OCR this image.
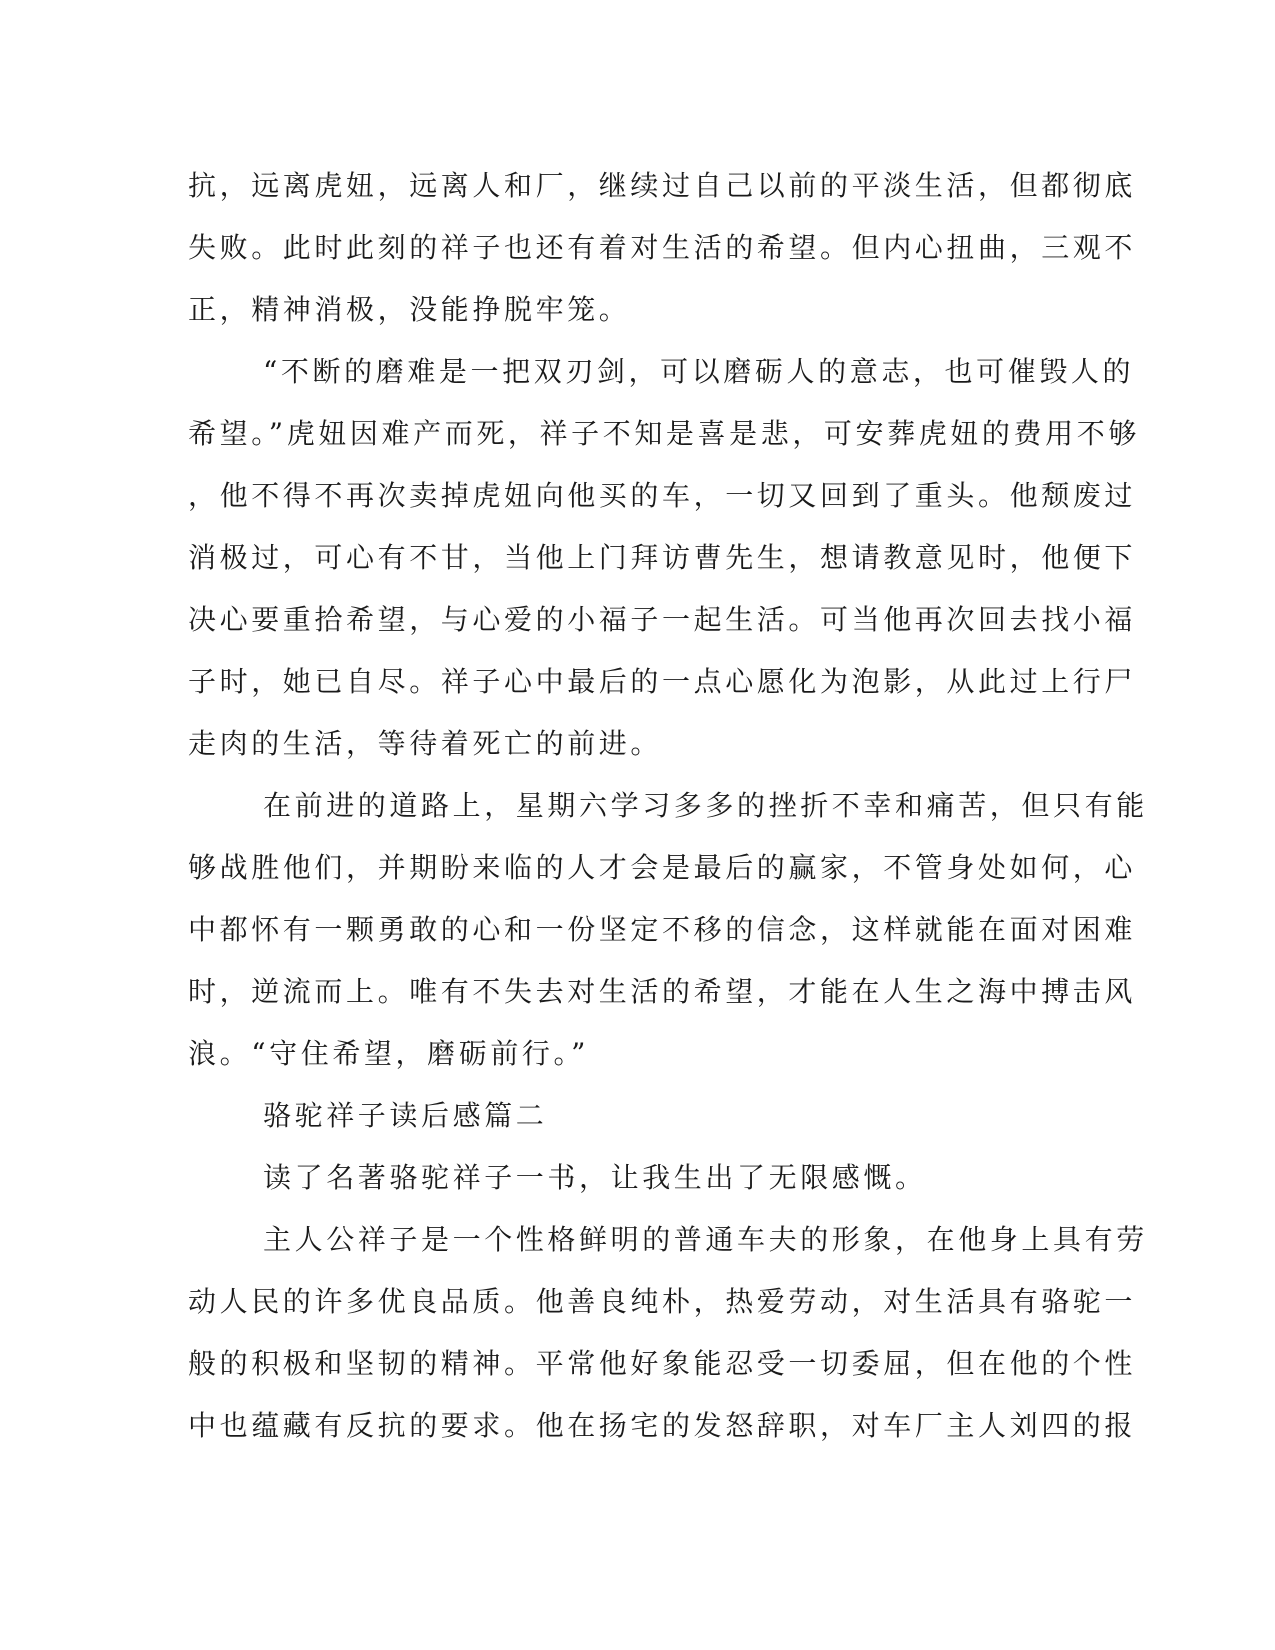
抗，远离虎妞，远离人和厂，继续过自己以前的平淡生活，但都彻底
失败。此时此刻的祥子也还有着对生活的希望。但内心扭曲，三观不
正，精神消极，没能挣脱牢笼。
“不断的磨难是一把双刃剑，可以磨砺人的意志，也可催毁人的
希望。”虎妞因难产而死，祥子不知是喜是悲，可安葬虎妞的费用不够
，他不得不再次卖掉虎妞向他买的车，一切又回到了重头。他颓废过
消极过，可心有不甘，当他上门拜访曹先生，想请教意见时，他便下
决心要重拾希望，与心爱的小福子一起生活。可当他再次回去找小福
子时，她已自尽。祥子心中最后的一点心愿化为泡影，从此过上行尸
走肉的生活，等待着死亡的前进。
在前进的道路上，星期六学习多多的挫折不幸和痛苦，但只有能
够战胜他们，并期盼来临的人才会是最后的赢家，不管身处如何，心
中都怀有一颗勇敢的心和一份坚定不移的信念，这样就能在面对困难
时，逆流而上。唯有不失去对生活的希望，才能在人生之海中搏击风
浪。“守住希望，磨砺前行。”
骆驼祥子读后感篇二
读了名著骆驼祥子一书，让我生出了无限感慨。
主人公祥子是一个性格鲜明的普通车夫的形象，在他身上具有劳
动人民的许多优良品质。他善良纯朴，热爱劳动，对生活具有骆驼一
般的积极和坚韧的精神。平常他好象能忍受一切委屈，但在他的个性
中也蕴藏有反抗的要求。他在扬宅的发怒辞职，对车厂主人刘四的报
